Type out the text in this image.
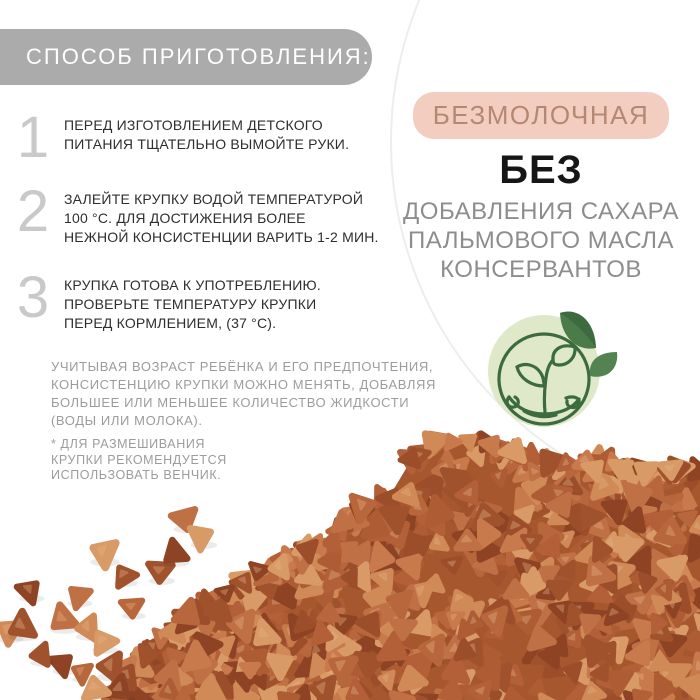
СПОСОБ ПРИГОТОВЛЕНИЯ:
1	ПЕРЕД ИЗГОТОВЛЕНИЕМ ДЕТСКОГО
ПИТАНИЯ ТЩАТЕЛЬНО ВЫМОЙТЕ РУКИ.
2	ЗАЛЕЙТЕ КРУПКУ ВОДОЙ ТЕМПЕРАТУРОЙ
100 °C. ДЛЯ ДОСТИЖЕНИЯ БОЛЕЕ
НЕЖНОЙ КОНСИСТЕНЦИИ ВАРИТЬ 1-2 МИН.
3	КРУПКА ГОТОВА К УПОТРЕБЛЕНИЮ.
ПРОВЕРЬТЕ ТЕМПЕРАТУРУ КРУПКИ
ПЕРЕД КОРМЛЕНИЕМ, (37 °C).
УЧИТЫВАЯ ВОЗРАСТ РЕБЁНКА И ЕГО ПРЕДПОЧТЕНИЯ,
КОНСИСТЕНЦИЮ КРУПКИ МОЖНО МЕНЯТЬ, ДОБАВЛЯЯ
БОЛЬШЕЕ ИЛИ МЕНЬШЕЕ КОЛИЧЕСТВО ЖИДКОСТИ
(ВОДЫ ИЛИ МОЛОКА).
* ДЛЯ РАЗМЕШИВАНИЯ
КРУПКИ РЕКОМЕНДУЕТСЯ
ИСПОЛЬЗОВАТЬ ВЕНЧИК.
БЕЗМОЛОЧНАЯ
БЕЗ
ДОБАВЛЕНИЯ САХАРА
ПАЛЬМОВОГО МАСЛА
КОНСЕРВАНТОВ
